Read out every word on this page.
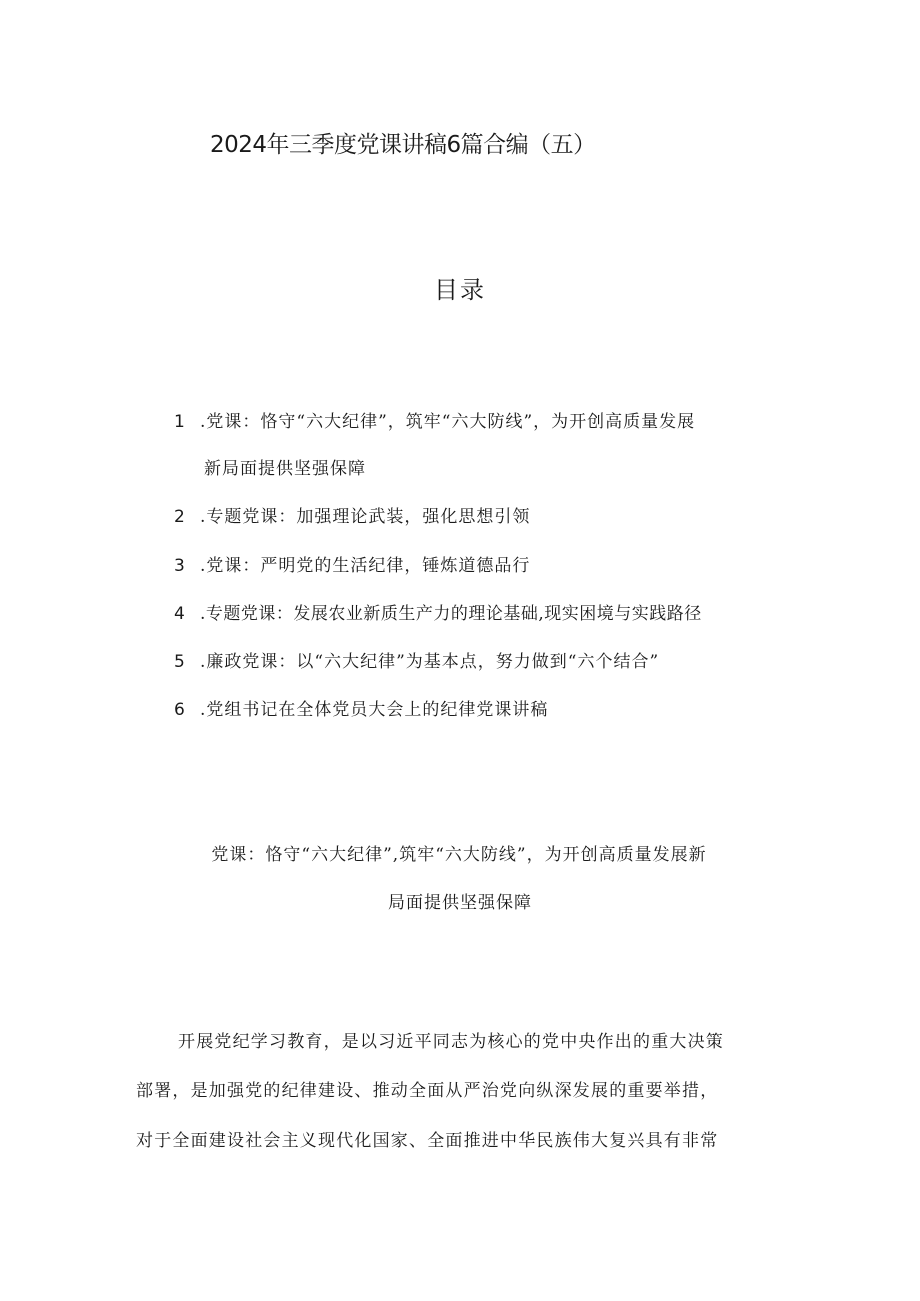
2024年三季度党课讲稿6篇合编（五）
目录
1 .党课：恪守“六大纪律”，筑牢“六大防线”，为开创高质量发展
新局面提供坚强保障
2 .专题党课：加强理论武装，强化思想引领
3 .党课：严明党的生活纪律，锤炼道德品行
4 .专题党课：发展农业新质生产力的理论基础,现实困境与实践路径
5 .廉政党课：以“六大纪律”为基本点，努力做到“六个结合”
6 .党组书记在全体党员大会上的纪律党课讲稿
党课：恪守“六大纪律”,筑牢“六大防线”，为开创高质量发展新
局面提供坚强保障
开展党纪学习教育，是以习近平同志为核心的党中央作出的重大决策
部署，是加强党的纪律建设、推动全面从严治党向纵深发展的重要举措，
对于全面建设社会主义现代化国家、全面推进中华民族伟大复兴具有非常
